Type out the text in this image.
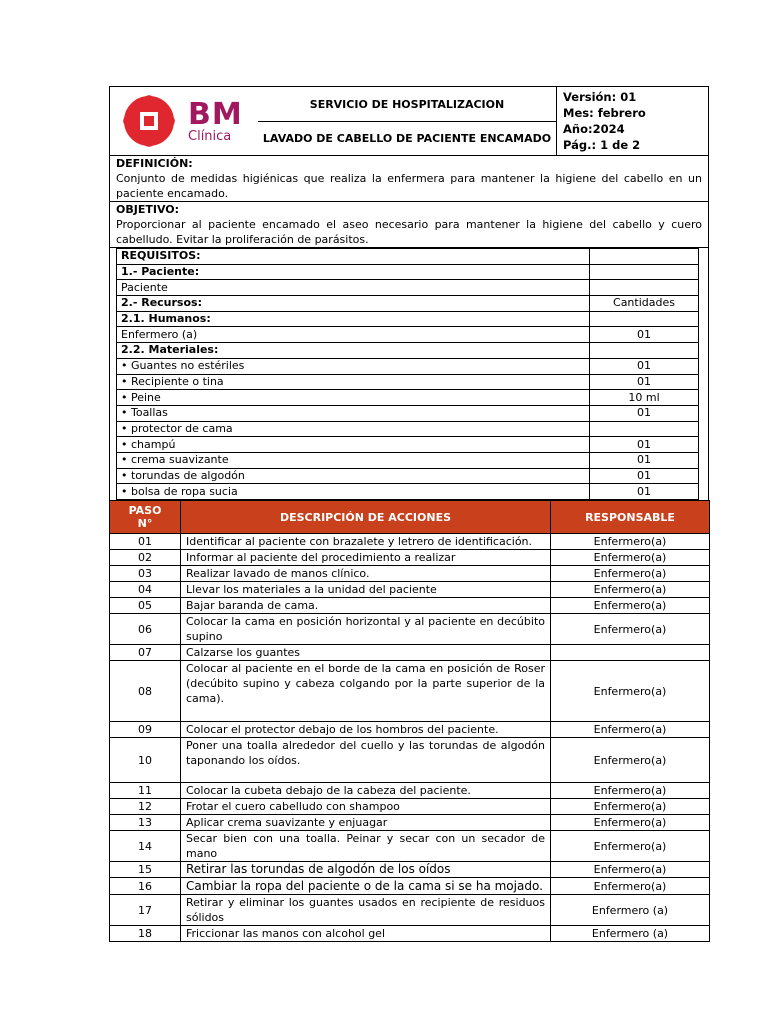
BM
Clínica
SERVICIO DE HOSPITALIZACION
LAVADO DE CABELLO DE PACIENTE ENCAMADO
Versión: 01
Mes: febrero
Año:2024
Pág.: 1 de 2
DEFINICIÓN:
Conjunto de medidas higiénicas que realiza la enfermera para mantener la higiene del cabello en un paciente encamado.
OBJETIVO:
Proporcionar al paciente encamado el aseo necesario para mantener la higiene del cabello y cuero cabelludo. Evitar la proliferación de parásitos.
REQUISITOS:	
1.- Paciente:	
Paciente	
2.- Recursos:	Cantidades
2.1. Humanos:	
Enfermero (a)	01
2.2. Materiales:	
• Guantes no estériles	01
• Recipiente o tina	01
• Peine	10 ml
• Toallas	01
• protector de cama	
• champú	01
• crema suavizante	01
• torundas de algodón	01
• bolsa de ropa sucia	01
PASO
N°	DESCRIPCIÓN DE ACCIONES	RESPONSABLE
01	Identificar al paciente con brazalete y letrero de identificación.	Enfermero(a)
02	Informar al paciente del procedimiento a realizar	Enfermero(a)
03	Realizar lavado de manos clínico.	Enfermero(a)
04	Llevar los materiales a la unidad del paciente	Enfermero(a)
05	Bajar baranda de cama.	Enfermero(a)
06	Colocar la cama en posición horizontal y al paciente en decúbito supino	Enfermero(a)
07	Calzarse los guantes	
08	Colocar al paciente en el borde de la cama en posición de Roser (decúbito supino y cabeza colgando por la parte superior de la cama).	Enfermero(a)
09	Colocar el protector debajo de los hombros del paciente.	Enfermero(a)
10	Poner una toalla alrededor del cuello y las torundas de algodón taponando los oídos.	Enfermero(a)
11	Colocar la cubeta debajo de la cabeza del paciente.	Enfermero(a)
12	Frotar el cuero cabelludo con shampoo	Enfermero(a)
13	Aplicar crema suavizante y enjuagar	Enfermero(a)
14	Secar bien con una toalla. Peinar y secar con un secador de mano	Enfermero(a)
15	Retirar las torundas de algodón de los oídos	Enfermero(a)
16	Cambiar la ropa del paciente o de la cama si se ha mojado.	Enfermero(a)
17	Retirar y eliminar los guantes usados en recipiente de residuos sólidos	Enfermero (a)
18	Friccionar las manos con alcohol gel	Enfermero (a)
